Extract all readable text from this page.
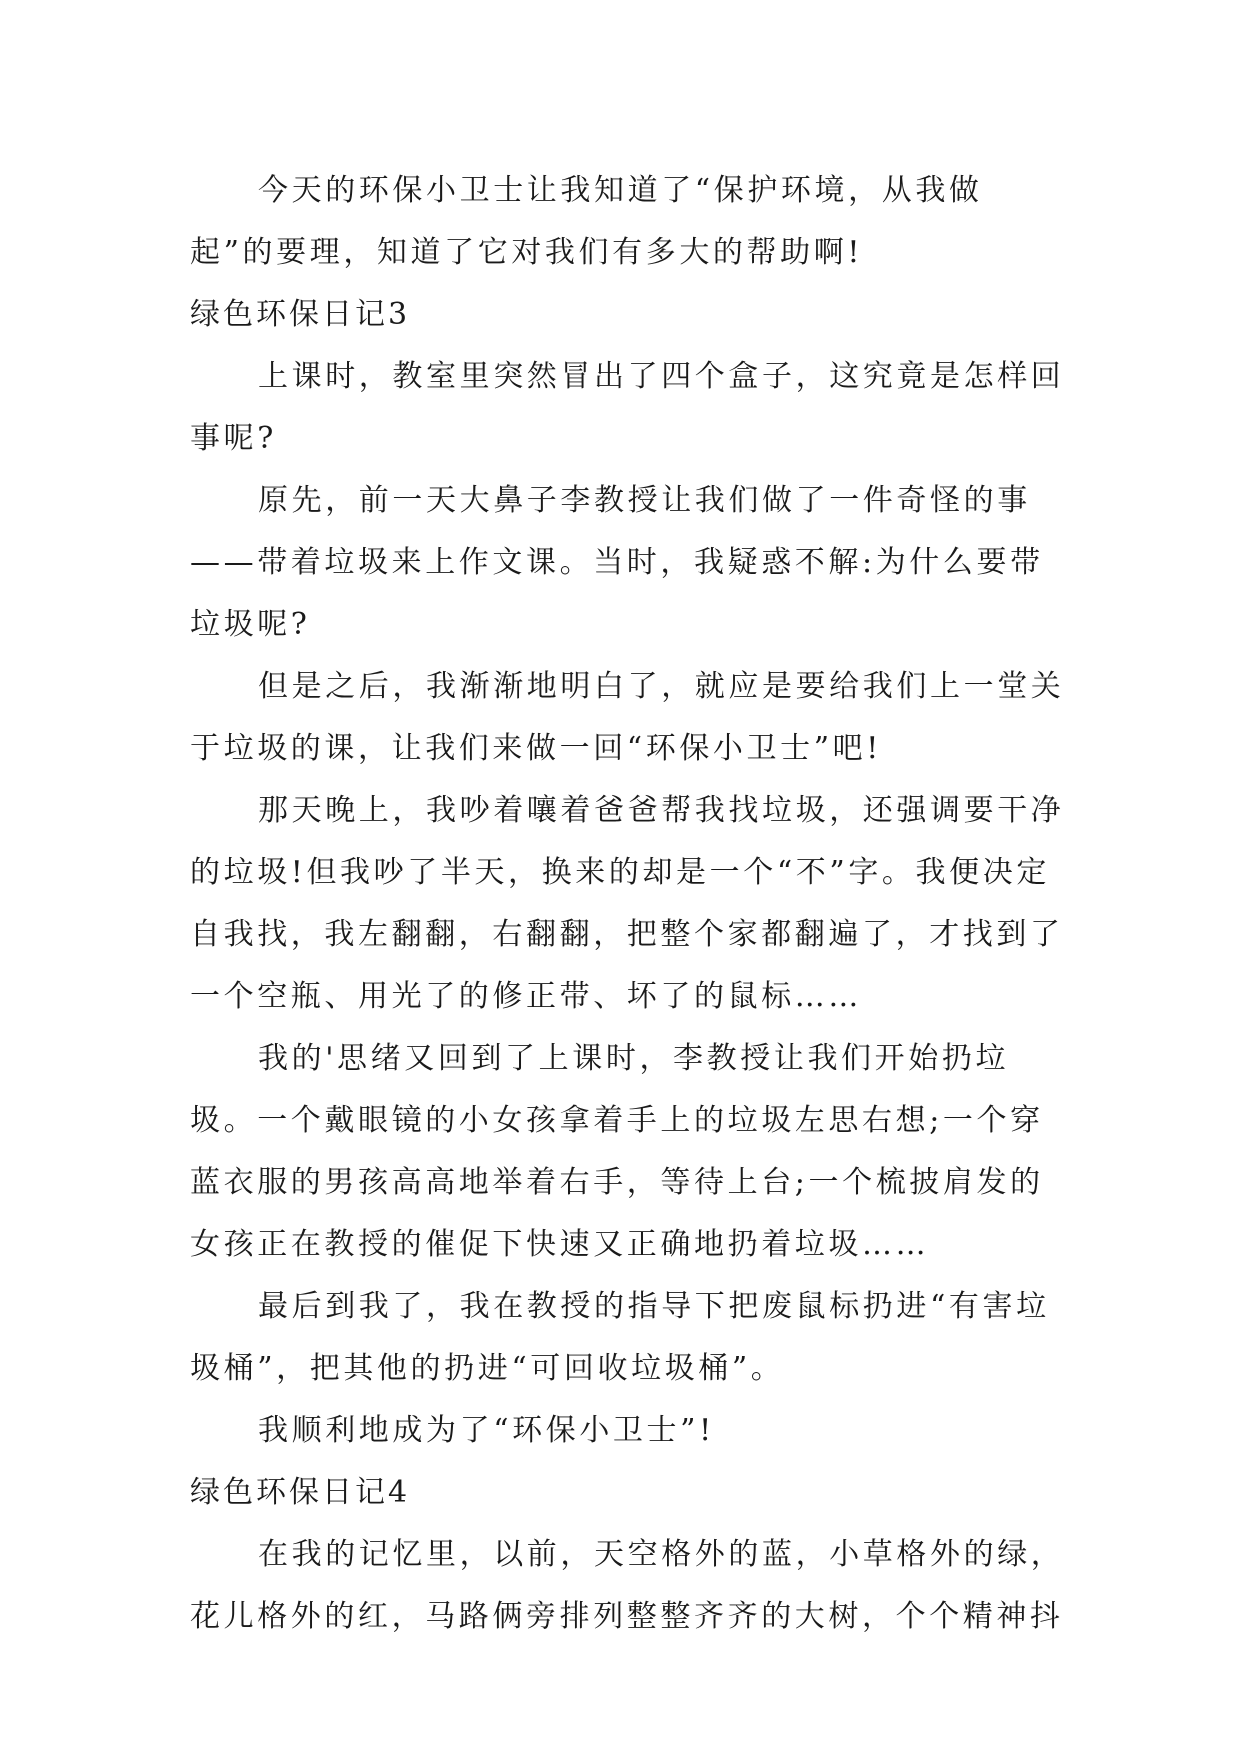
今天的环保小卫士让我知道了“保护环境，从我做起”的要理，知道了它对我们有多大的帮助啊!

绿色环保日记3

上课时，教室里突然冒出了四个盒子，这究竟是怎样回事呢?

原先，前一天大鼻子李教授让我们做了一件奇怪的事——带着垃圾来上作文课。当时，我疑惑不解:为什么要带垃圾呢?

但是之后，我渐渐地明白了，就应是要给我们上一堂关于垃圾的课，让我们来做一回“环保小卫士”吧!

那天晚上，我吵着嚷着爸爸帮我找垃圾，还强调要干净的垃圾!但我吵了半天，换来的却是一个“不”字。我便决定自我找，我左翻翻，右翻翻，把整个家都翻遍了，才找到了一个空瓶、用光了的修正带、坏了的鼠标……

我的'思绪又回到了上课时，李教授让我们开始扔垃圾。一个戴眼镜的小女孩拿着手上的垃圾左思右想;一个穿蓝衣服的男孩高高地举着右手，等待上台;一个梳披肩发的女孩正在教授的催促下快速又正确地扔着垃圾……

最后到我了，我在教授的指导下把废鼠标扔进“有害垃圾桶”，把其他的扔进“可回收垃圾桶”。

我顺利地成为了“环保小卫士”!

绿色环保日记4

在我的记忆里，以前，天空格外的蓝，小草格外的绿，花儿格外的红，马路俩旁排列整整齐齐的大树，个个精神抖
